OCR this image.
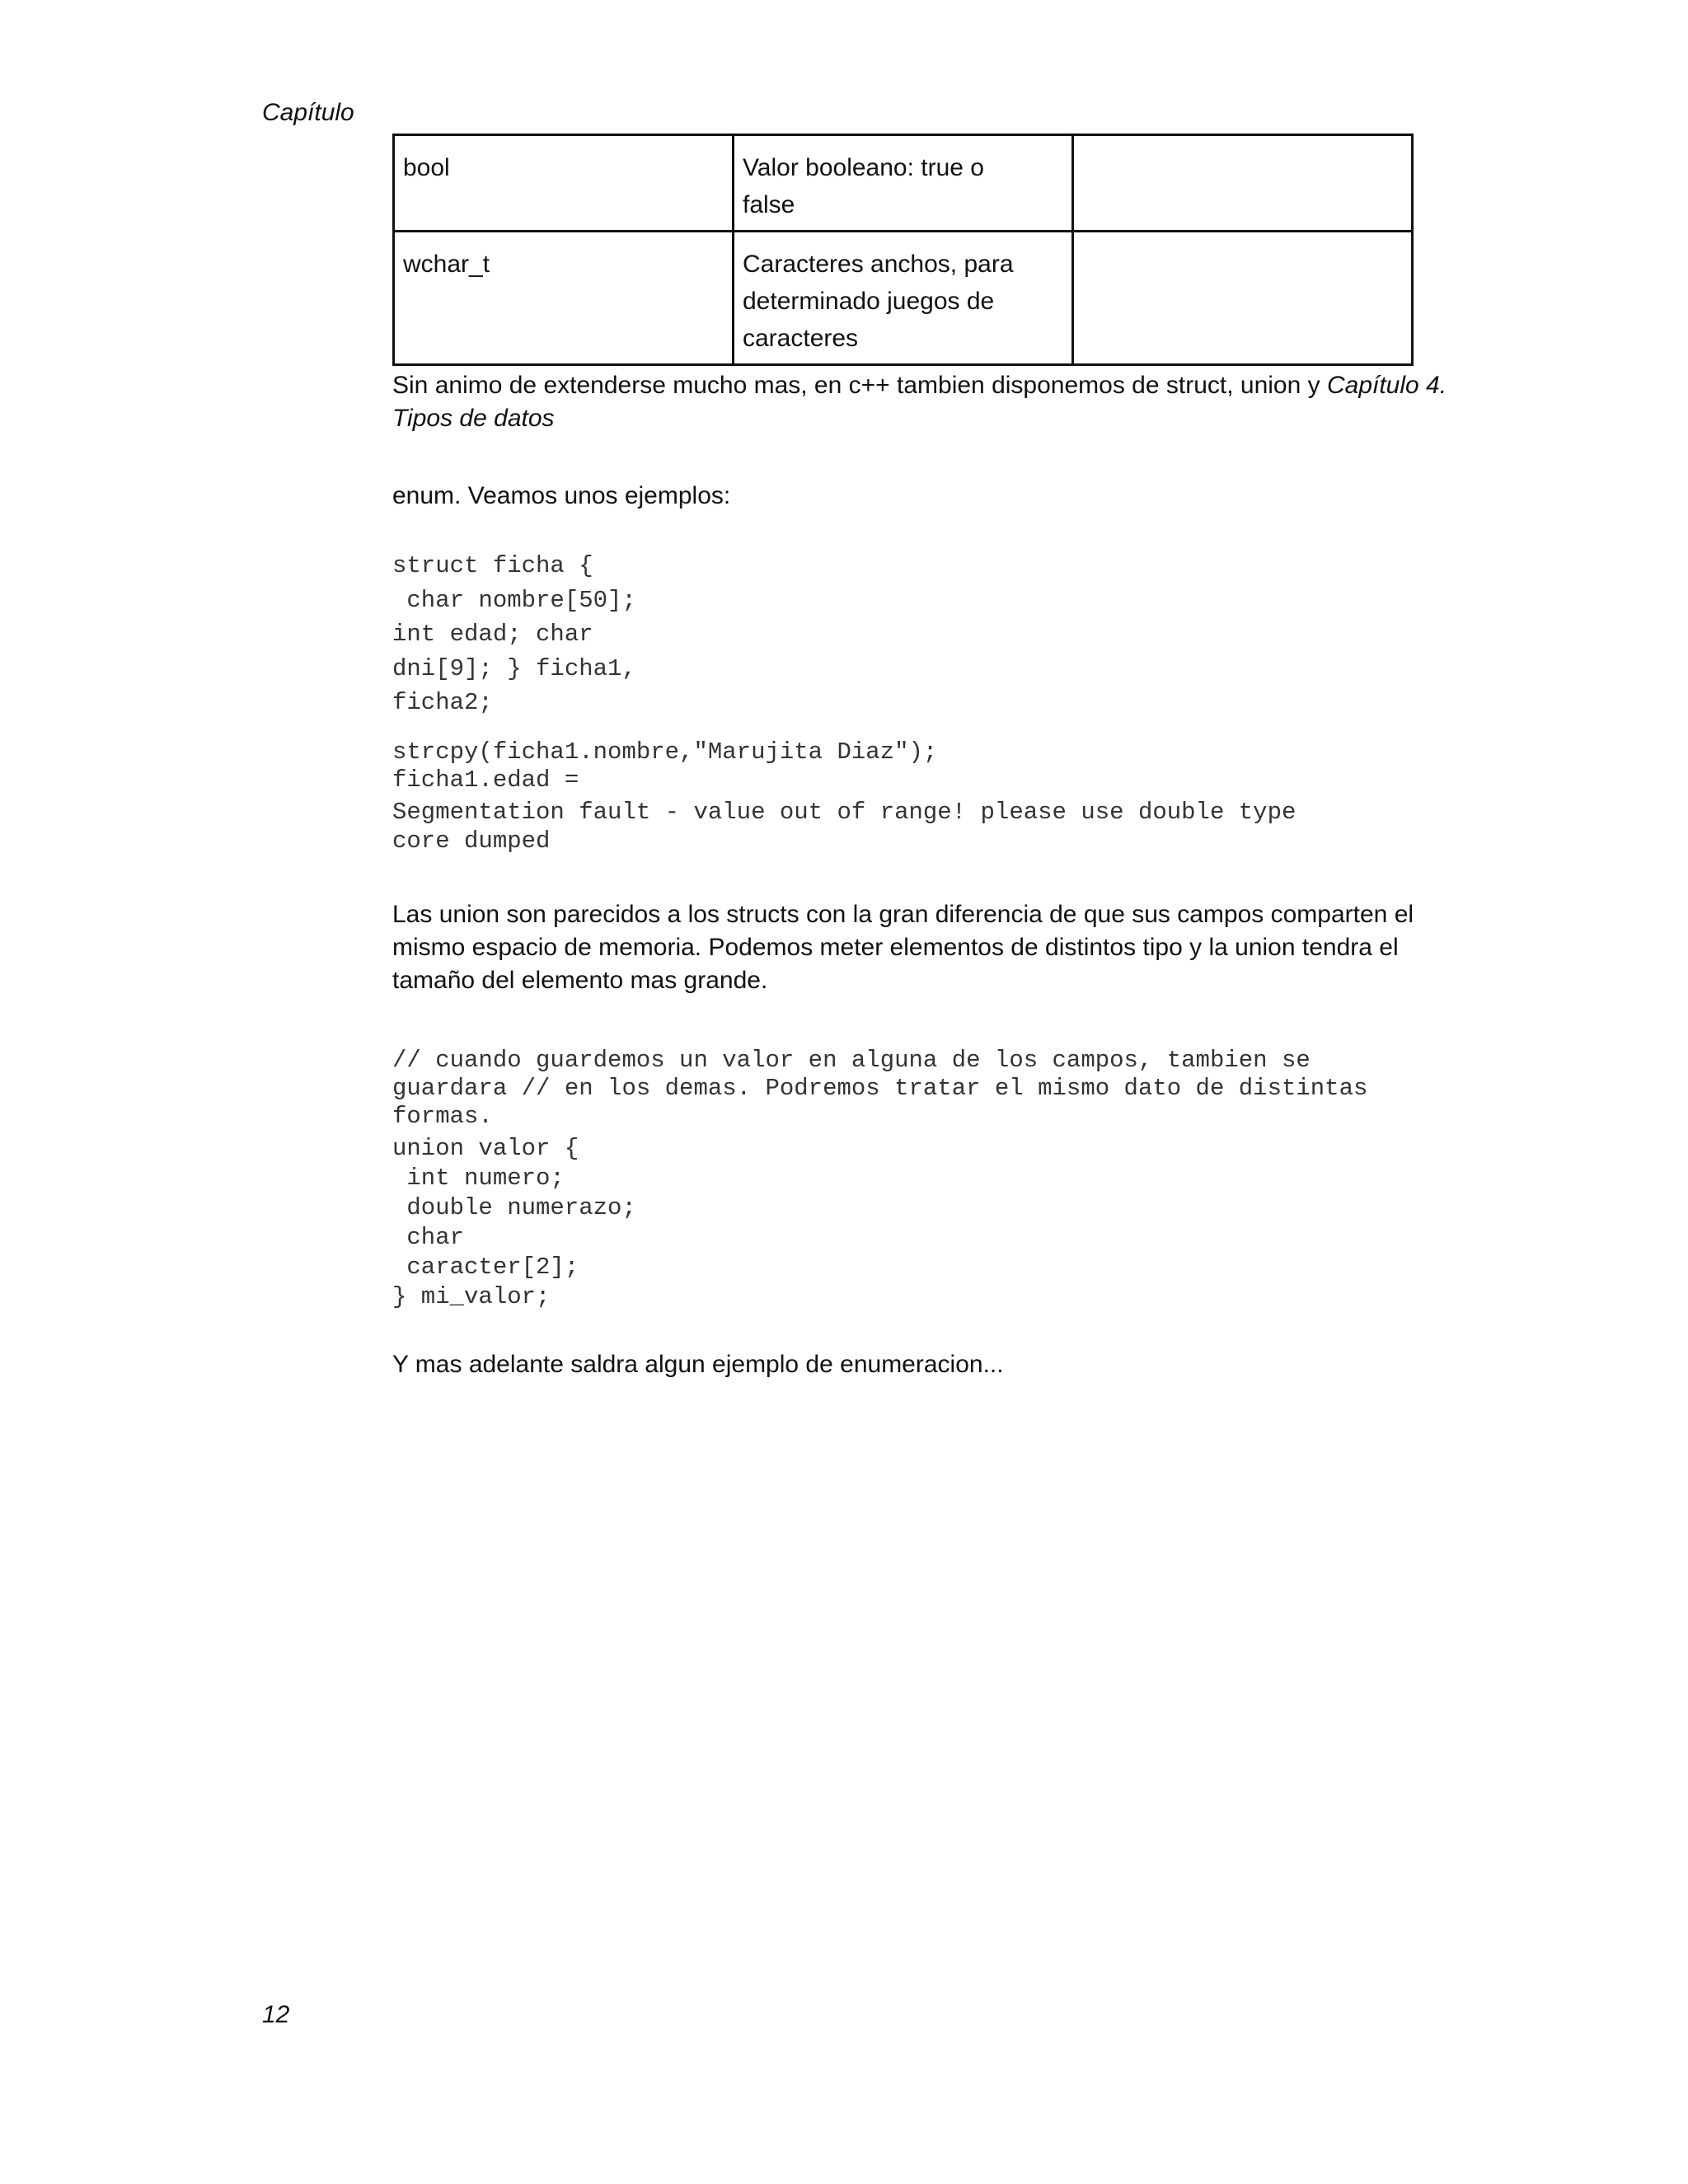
Capítulo
bool	Valor booleano: true o
false	

wchar_t	Caracteres anchos, para
determinado juegos de
caracteres	

Sin animo de extenderse mucho mas, en c++ tambien disponemos de struct, union y Capítulo 4. Tipos de datos

enum. Veamos unos ejemplos:

struct ficha {
char nombre[50];
int edad; char
dni[9]; } ficha1,
ficha2;
strcpy(ficha1.nombre,"Marujita Diaz");
ficha1.edad =
Segmentation fault - value out of range! please use double type
core dumped

Las union son parecidos a los structs con la gran diferencia de que sus campos comparten el mismo espacio de memoria. Podemos meter elementos de distintos tipo y la union tendra el tamaño del elemento mas grande.

// cuando guardemos un valor en alguna de los campos, tambien se
guardara // en los demas. Podremos tratar el mismo dato de distintas
formas.
union valor {
int numero;
double numerazo;
char
caracter[2];
} mi_valor;

Y mas adelante saldra algun ejemplo de enumeracion...

12
